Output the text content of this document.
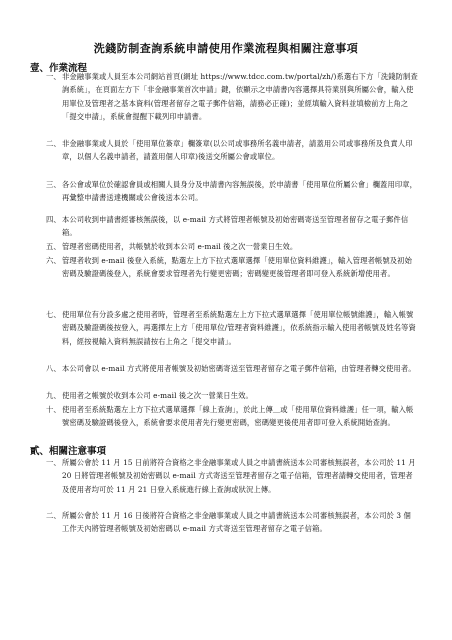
洗錢防制查詢系統申請使用作業流程與相關注意事項
壹、作業流程
一、 非金融事業或人員至本公司網站首頁(網址 https://www.tdcc.com.tw/portal/zh/)系選右下方「洗錢防制查詢系統」，在頁面左方下「非金融事業首次申請」鍵，依顯示之申請書內容選擇具符業別與所屬公會，輸入使用單位及管理者之基本資料(管理者留存之電子郵件信箱，請務必正確)；並經填輸入資料並填檢前方上角之「提交申請」，系統會提醒下載列印申請書。
二、 非金融事業或人員於「使用單位簽章」欄簽章(以公司或事務所名義申請者，請蓋用公司或事務所及負責人印章，以個人名義申請者，請蓋用個人印章)後送交所屬公會或單位。
三、 各公會或單位於確認會員或相關人員身分及申請書內容無誤後，於申請書「使用單位所屬公會」欄蓋用印章，再彙整申請書送達機關或公會後送本公司。
四、 本公司收到申請書經審核無誤後，以 e-mail 方式將管理者帳號及初始密碼寄送至管理者留存之電子郵件信箱。
五、 管理者密碼使用者，共帳號於收到本公司 e-mail 後之次一營業日生效。
六、 管理者收到 e-mail 後登入系統，點選左上方下拉式選單選擇「使用單位資料維護」，輸入管理者帳號及初始密碼及驗證碼後登入，系統會要求管理者先行變更密碼；密碼變更後管理者即可登入系統新增使用者。
七、 使用單位有分設多處之使用者時，管理者至系統點選左上方下拉式選單選擇「使用單位帳號維護」，輸入帳號密碼及驗證碼後按登入，再選擇左上方「使用單位/管理者資料維護」，依系統指示輸入使用者帳號及姓名等資料，經按視輸入資料無誤請按右上角之「提交申請」。
八、 本公司會以 e-mail 方式將使用者帳號及初始密碼寄送至管理者留存之電子郵件信箱，由管理者轉交使用者。
九、 使用者之帳號於收到本公司 e-mail 後之次一營業日生效。
十、 使用者至系統點選左上方下拉式選單選擇「線上查詢」，於此上傳＿或「使用單位資料維護」任一項，輸入帳號密碼及驗證碼後登入，系統會要求使用者先行變更密碼，密碼變更後使用者即可登入系統開始查詢。
貳、相關注意事項
一、 所屬公會於 11 月 15 日前將符合資格之非金融事業或人員之申請書統送本公司審核無誤者，本公司於 11 月 20 日將管理者帳號及初始密碼以 e-mail 方式寄送至管理者留存之電子信箱，管理者請轉交使用者，管理者及使用者均可於 11 月 21 日登入系統進行線上查詢或狀況上傳。
二、 所屬公會於 11 月 16 日後將符合資格之非金融事業或人員之申請書統送本公司審核無誤者，本公司於 3 個工作天內將管理者帳號及初始密碼以 e-mail 方式寄送至管理者留存之電子信箱。
